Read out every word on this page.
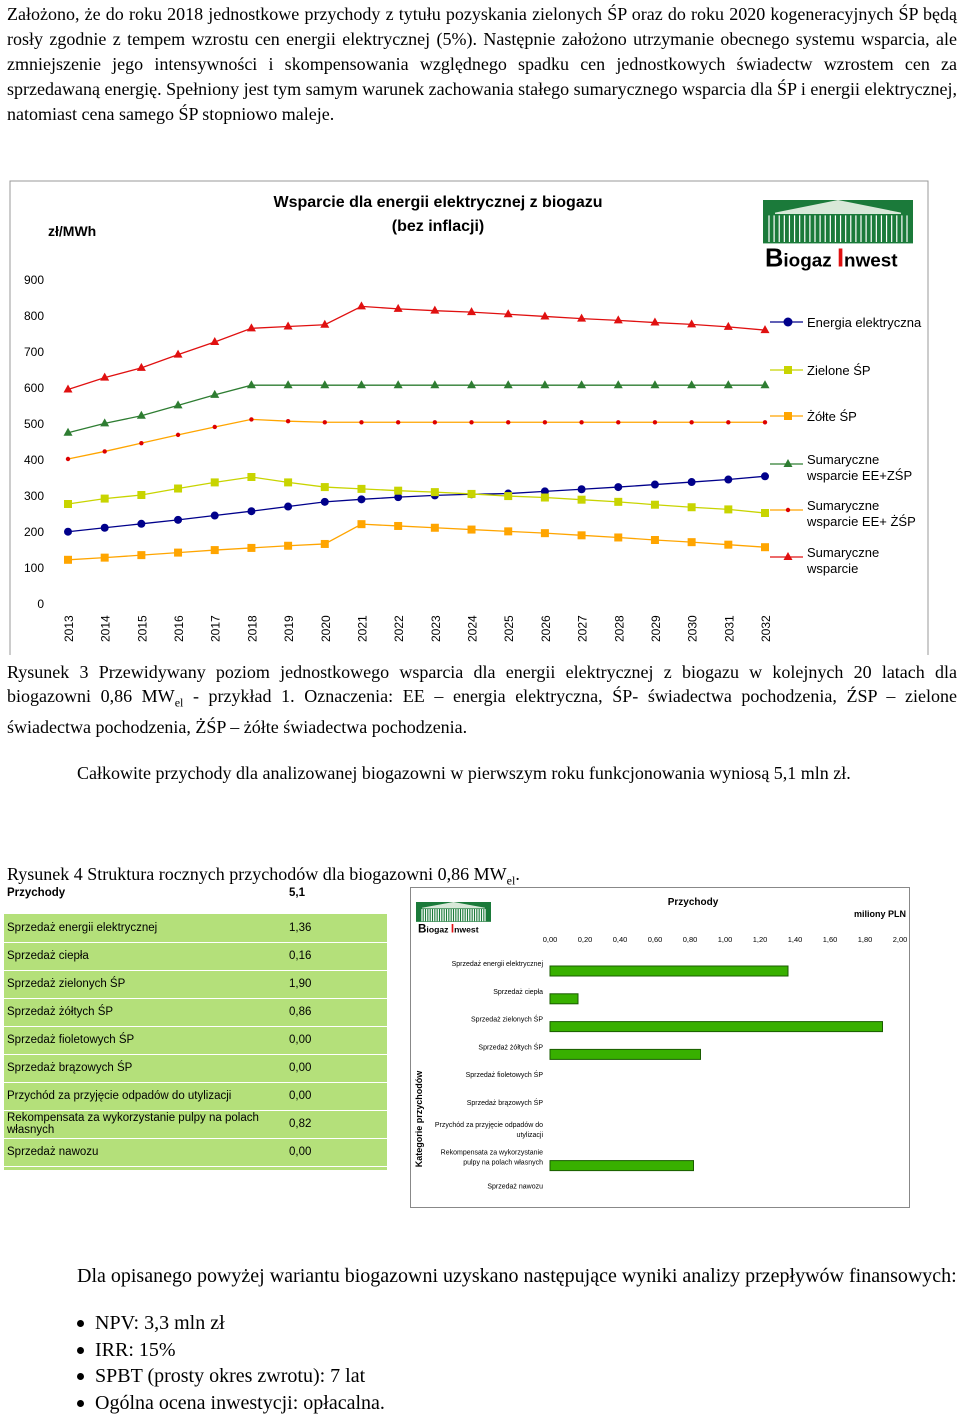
Założono, że do roku 2018 jednostkowe przychody z tytułu pozyskania zielonych ŚP oraz do roku 2020 kogeneracyjnych ŚP będą rosły zgodnie z tempem wzrostu cen energii elektrycznej (5%). Następnie założono utrzymanie obecnego systemu wsparcia, ale zmniejszenie jego intensywności i skompensowania względnego spadku cen jednostkowych świadectw wzrostem cen za sprzedawaną energię. Spełniony jest tym samym warunek zachowania stałego sumarycznego wsparcia dla ŚP i energii elektrycznej, natomiast cena samego ŚP stopniowo maleje.

Wsparcie dla energii elektrycznej z biogazu
(bez inflacji)
zł/MWh
0
100
200
300
400
500
600
700
800
900
2013 2014 2015 2016 2017 2018 2019 2020 2021 2022 2023 2024 2025 2026 2027 2028 2029 2030 2031 2032
Energia elektryczna
Zielone ŚP
Żółte ŚP
Sumaryczne
wsparcie EE+ZŚP
Sumaryczne
wsparcie EE+ ŻŚP
Sumaryczne
wsparcie
Biogaz Inwest

Rysunek 3 Przewidywany poziom jednostkowego wsparcia dla energii elektrycznej z biogazu w kolejnych 20 latach dla biogazowni 0,86 $MW_{el}$ - przykład 1. Oznaczenia: EE – energia elektryczna, ŚP- świadectwa pochodzenia, ŹSP – zielone świadectwa pochodzenia, ŻŚP – żółte świadectwa pochodzenia.

Całkowite przychody dla analizowanej biogazowni w pierwszym roku funkcjonowania wyniosą 5,1 mln zł.

Rysunek 4 Struktura rocznych przychodów dla biogazowni 0,86 $MW_{el}$.

Przychody	5,1
Sprzedaż energii elektrycznej	1,36
Sprzedaż ciepła	0,16
Sprzedaż zielonych ŚP	1,90
Sprzedaż żółtych ŚP	0,86
Sprzedaż fioletowych ŚP	0,00
Sprzedaż brązowych ŚP	0,00
Przychód za przyjęcie odpadów do utylizacji	0,00
Rekompensata za wykorzystanie pulpy na polach własnych	0,82
Sprzedaż nawozu	0,00
Biogaz Inwest
Przychody
miliony PLN
0,00	0,20	0,40	0,60	0,80	1,00	1,20	1,40	1,60	1,80	2,00
Kategorie przychodów
Sprzedaż energii elektrycznej
Sprzedaż ciepła
Sprzedaż zielonych ŚP
Sprzedaż żółtych ŚP
Sprzedaż fioletowych ŚP
Sprzedaż brązowych ŚP
Przychód za przyjęcie odpadów do
utylizacji
Rekompensata za wykorzystanie
pulpy na polach własnych
Sprzedaż nawozu

Dla opisanego powyżej wariantu biogazowni uzyskano następujące wyniki analizy przepływów finansowych:

NPV: 3,3 mln zł
IRR: 15%
SPBT (prosty okres zwrotu): 7 lat
Ogólna ocena inwestycji: opłacalna.
